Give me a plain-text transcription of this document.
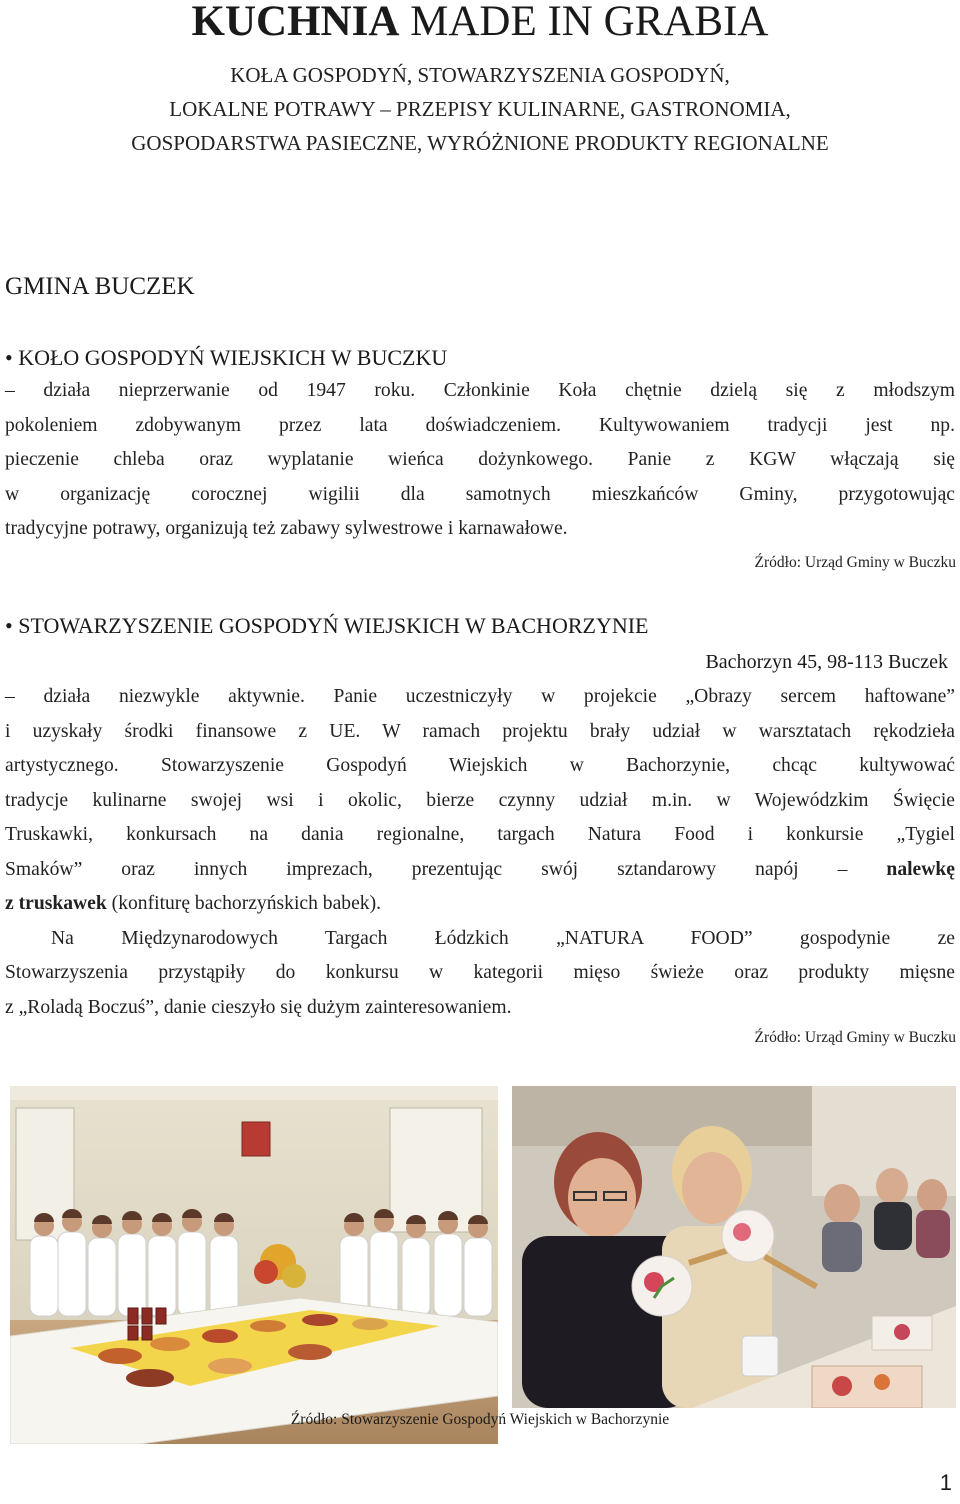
KUCHNIA MADE IN GRABIA
KOŁA GOSPODYŃ, STOWARZYSZENIA GOSPODYŃ,
LOKALNE POTRAWY – PRZEPISY KULINARNE, GASTRONOMIA,
GOSPODARSTWA PASIECZNE, WYRÓŻNIONE PRODUKTY REGIONALNE
GMINA BUCZEK
• KOŁO GOSPODYŃ WIEJSKICH W BUCZKU
– działa nieprzerwanie od 1947 roku. Członkinie Koła chętnie dzielą się z młodszym
pokoleniem zdobywanym przez lata doświadczeniem. Kultywowaniem tradycji jest np.
pieczenie chleba oraz wyplatanie wieńca dożynkowego. Panie z KGW włączają się
w organizację corocznej wigilii dla samotnych mieszkańców Gminy, przygotowując
tradycyjne potrawy, organizują też zabawy sylwestrowe i karnawałowe.
Źródło: Urząd Gminy w Buczku
• STOWARZYSZENIE GOSPODYŃ WIEJSKICH W BACHORZYNIE
Bachorzyn 45, 98-113 Buczek
– działa niezwykle aktywnie. Panie uczestniczyły w projekcie „Obrazy sercem haftowane”
i uzyskały środki finansowe z UE. W ramach projektu brały udział w warsztatach rękodzieła
artystycznego. Stowarzyszenie Gospodyń Wiejskich w Bachorzynie, chcąc kultywować
tradycje kulinarne swojej wsi i okolic, bierze czynny udział m.in. w Wojewódzkim Święcie
Truskawki, konkursach na dania regionalne, targach Natura Food i konkursie „Tygiel
Smaków” oraz innych imprezach, prezentując swój sztandarowy napój – nalewkę
z truskawek (konfiturę bachorzyńskich babek).
Na Międzynarodowych Targach Łódzkich „NATURA FOOD” gospodynie ze
Stowarzyszenia przystąpiły do konkursu w kategorii mięso świeże oraz produkty mięsne
z „Roladą Boczuś”, danie cieszyło się dużym zainteresowaniem.
Źródło: Urząd Gminy w Buczku
Źródło: Stowarzyszenie Gospodyń Wiejskich w Bachorzynie
1
